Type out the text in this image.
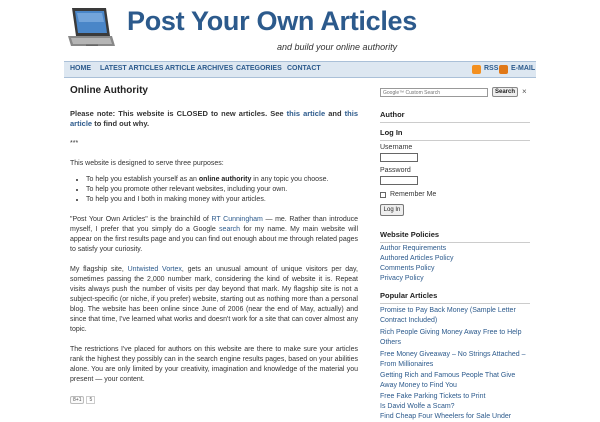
Post Your Own Articles
and build your online authority
HOME LATEST ARTICLES ARTICLE ARCHIVES CATEGORIES CONTACT	RSS E-MAIL
Online Authority

Please note: This website is CLOSED to new articles. See this article and this article to find out why.

***

This website is designed to serve three purposes:

• To help you establish yourself as an online authority in any topic you choose.
• To help you promote other relevant websites, including your own.
• To help you and I both in making money with your articles.

"Post Your Own Articles" is the brainchild of RT Cunningham — me. Rather than introduce myself, I prefer that you simply do a Google search for my name. My main website will appear on the first results page and you can find out enough about me through related pages to satisfy your curiosity.

My flagship site, Untwisted Vortex, gets an unusual amount of unique visitors per day, sometimes passing the 2,000 number mark, considering the kind of website it is. Repeat visits always push the number of visits per day beyond that mark. My flagship site is not a subject-specific (or niche, if you prefer) website, starting out as nothing more than a personal blog. The website has been online since June of 2006 (near the end of May, actually) and since that time, I've learned what works and doesn't work for a site that can cover almost any topic.

The restrictions I've placed for authors on this website are there to make sure your articles rank the highest they possibly can in the search engine results pages, based on your abilities alone. You are only limited by your creativity, imagination and knowledge of the material you present — your content.

8+1 5
Google™ Custom Search
Search ×
Author
Log In
Username
Password
Remember Me
Log In
Website Policies
Author Requirements
Authored Articles Policy
Comments Policy
Privacy Policy
Popular Articles
Promise to Pay Back Money (Sample Letter Contract Included)
Rich People Giving Money Away Free to Help Others
Free Money Giveaway – No Strings Attached – From Millionaires
Getting Rich and Famous People That Give Away Money to Find You
Free Fake Parking Tickets to Print
Is David Wolfe a Scam?
Find Cheap Four Wheelers for Sale Under
